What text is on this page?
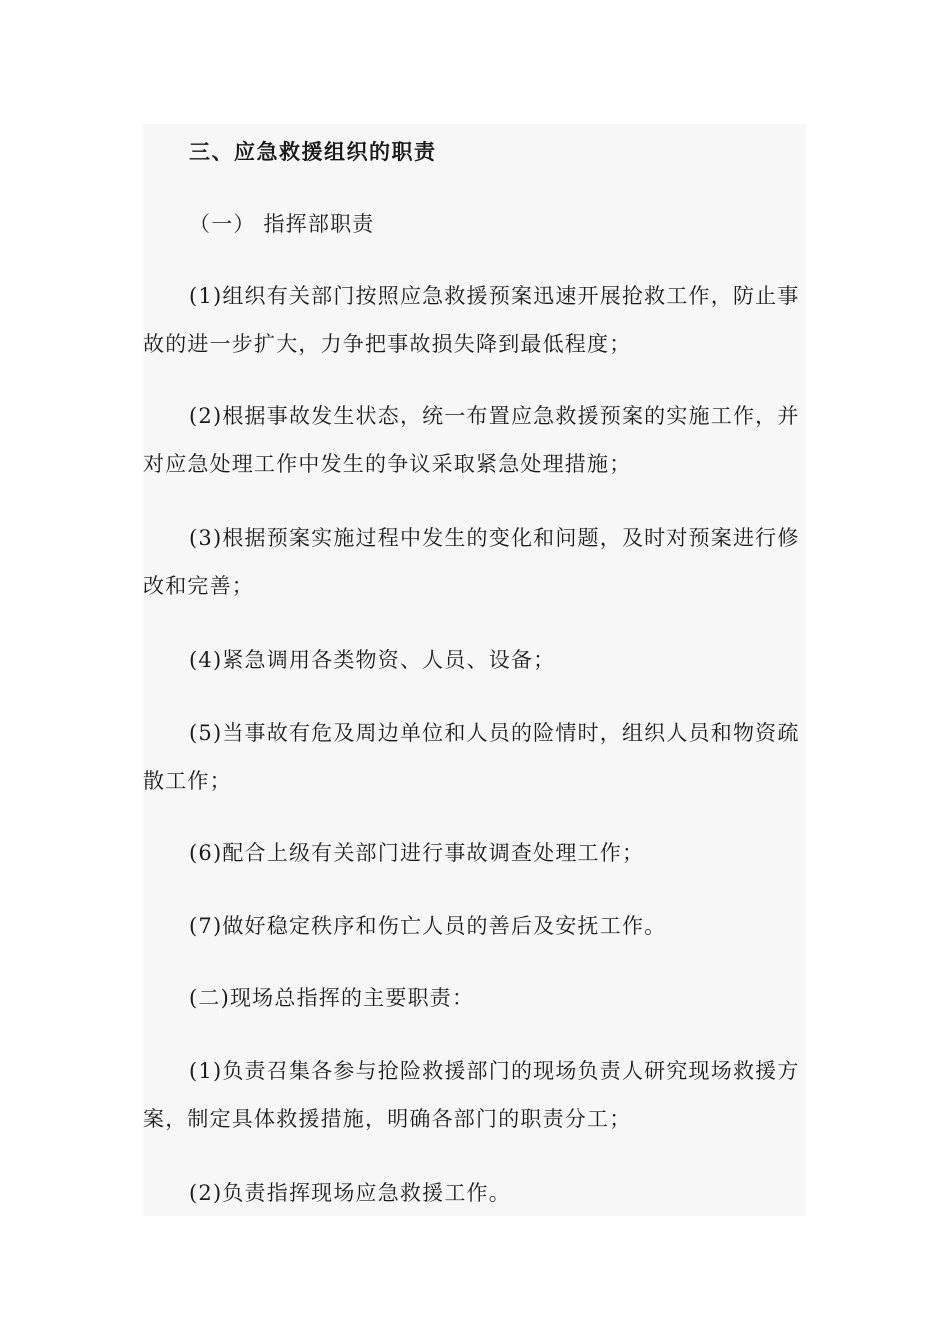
三、应急救援组织的职责

（一） 指挥部职责

(1)组织有关部门按照应急救援预案迅速开展抢救工作，防止事故的进一步扩大，力争把事故损失降到最低程度；

(2)根据事故发生状态，统一布置应急救援预案的实施工作，并对应急处理工作中发生的争议采取紧急处理措施；

(3)根据预案实施过程中发生的变化和问题，及时对预案进行修改和完善；

(4)紧急调用各类物资、人员、设备；

(5)当事故有危及周边单位和人员的险情时，组织人员和物资疏散工作；

(6)配合上级有关部门进行事故调查处理工作；

(7)做好稳定秩序和伤亡人员的善后及安抚工作。

(二)现场总指挥的主要职责：

(1)负责召集各参与抢险救援部门的现场负责人研究现场救援方案，制定具体救援措施，明确各部门的职责分工；

(2)负责指挥现场应急救援工作。
